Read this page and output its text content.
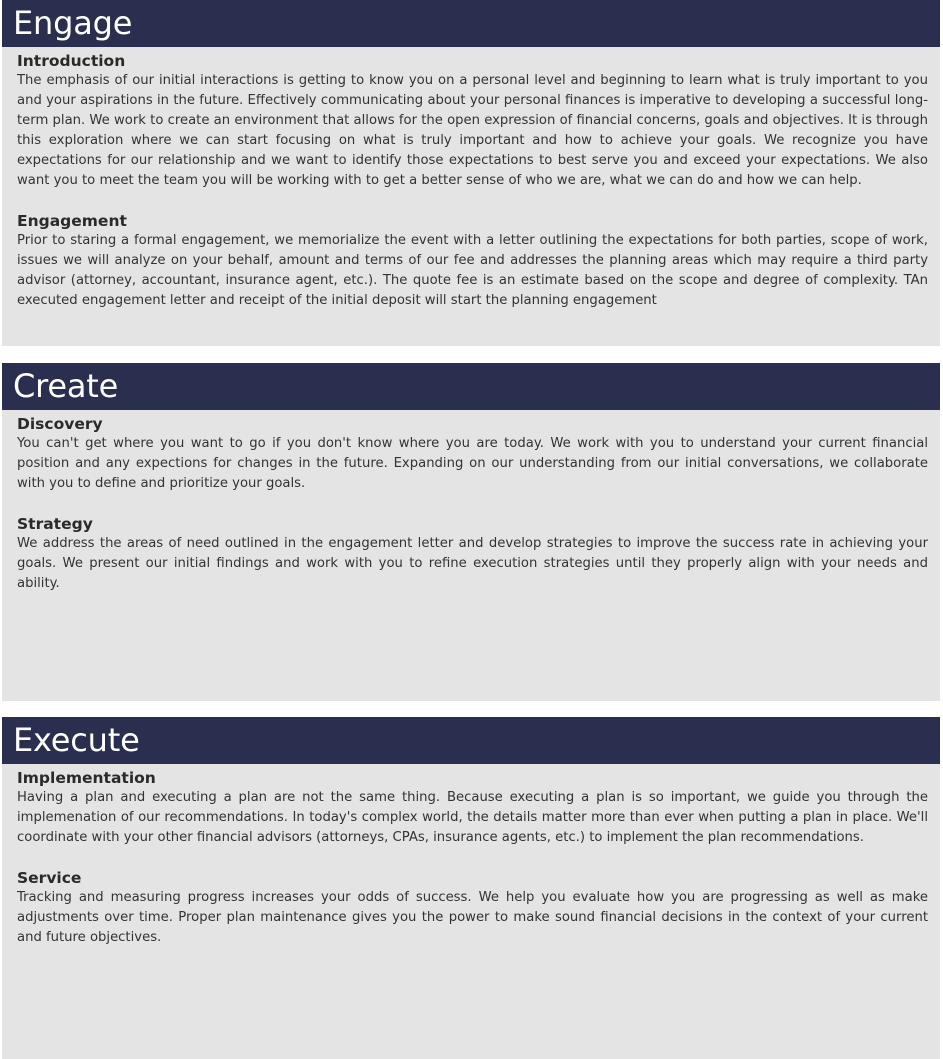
Engage
Introduction

The emphasis of our initial interactions is getting to know you on a personal level and beginning to learn what is truly important to you and your aspirations in the future. Effectively communicating about your personal finances is imperative to developing a successful long-term plan. We work to create an environment that allows for the open expression of financial concerns, goals and objectives. It is through this exploration where we can start focusing on what is truly important and how to achieve your goals. We recognize you have expectations for our relationship and we want to identify those expectations to best serve you and exceed your expectations. We also want you to meet the team you will be working with to get a better sense of who we are, what we can do and how we can help.

Engagement

Prior to staring a formal engagement, we memorialize the event with a letter outlining the expectations for both parties, scope of work, issues we will analyze on your behalf, amount and terms of our fee and addresses the planning areas which may require a third party advisor (attorney, accountant, insurance agent, etc.). The quote fee is an estimate based on the scope and degree of complexity. TAn executed engagement letter and receipt of the initial deposit will start the planning engagement

Create
Discovery

You can't get where you want to go if you don't know where you are today. We work with you to understand your current financial position and any expections for changes in the future. Expanding on our understanding from our initial conversations, we collaborate with you to define and prioritize your goals.

Strategy

We address the areas of need outlined in the engagement letter and develop strategies to improve the success rate in achieving your goals. We present our initial findings and work with you to refine execution strategies until they properly align with your needs and ability.

Execute
Implementation

Having a plan and executing a plan are not the same thing. Because executing a plan is so important, we guide you through the implemenation of our recommendations. In today's complex world, the details matter more than ever when putting a plan in place. We'll coordinate with your other financial advisors (attorneys, CPAs, insurance agents, etc.) to implement the plan recommendations.

Service

Tracking and measuring progress increases your odds of success. We help you evaluate how you are progressing as well as make adjustments over time. Proper plan maintenance gives you the power to make sound financial decisions in the context of your current and future objectives.
